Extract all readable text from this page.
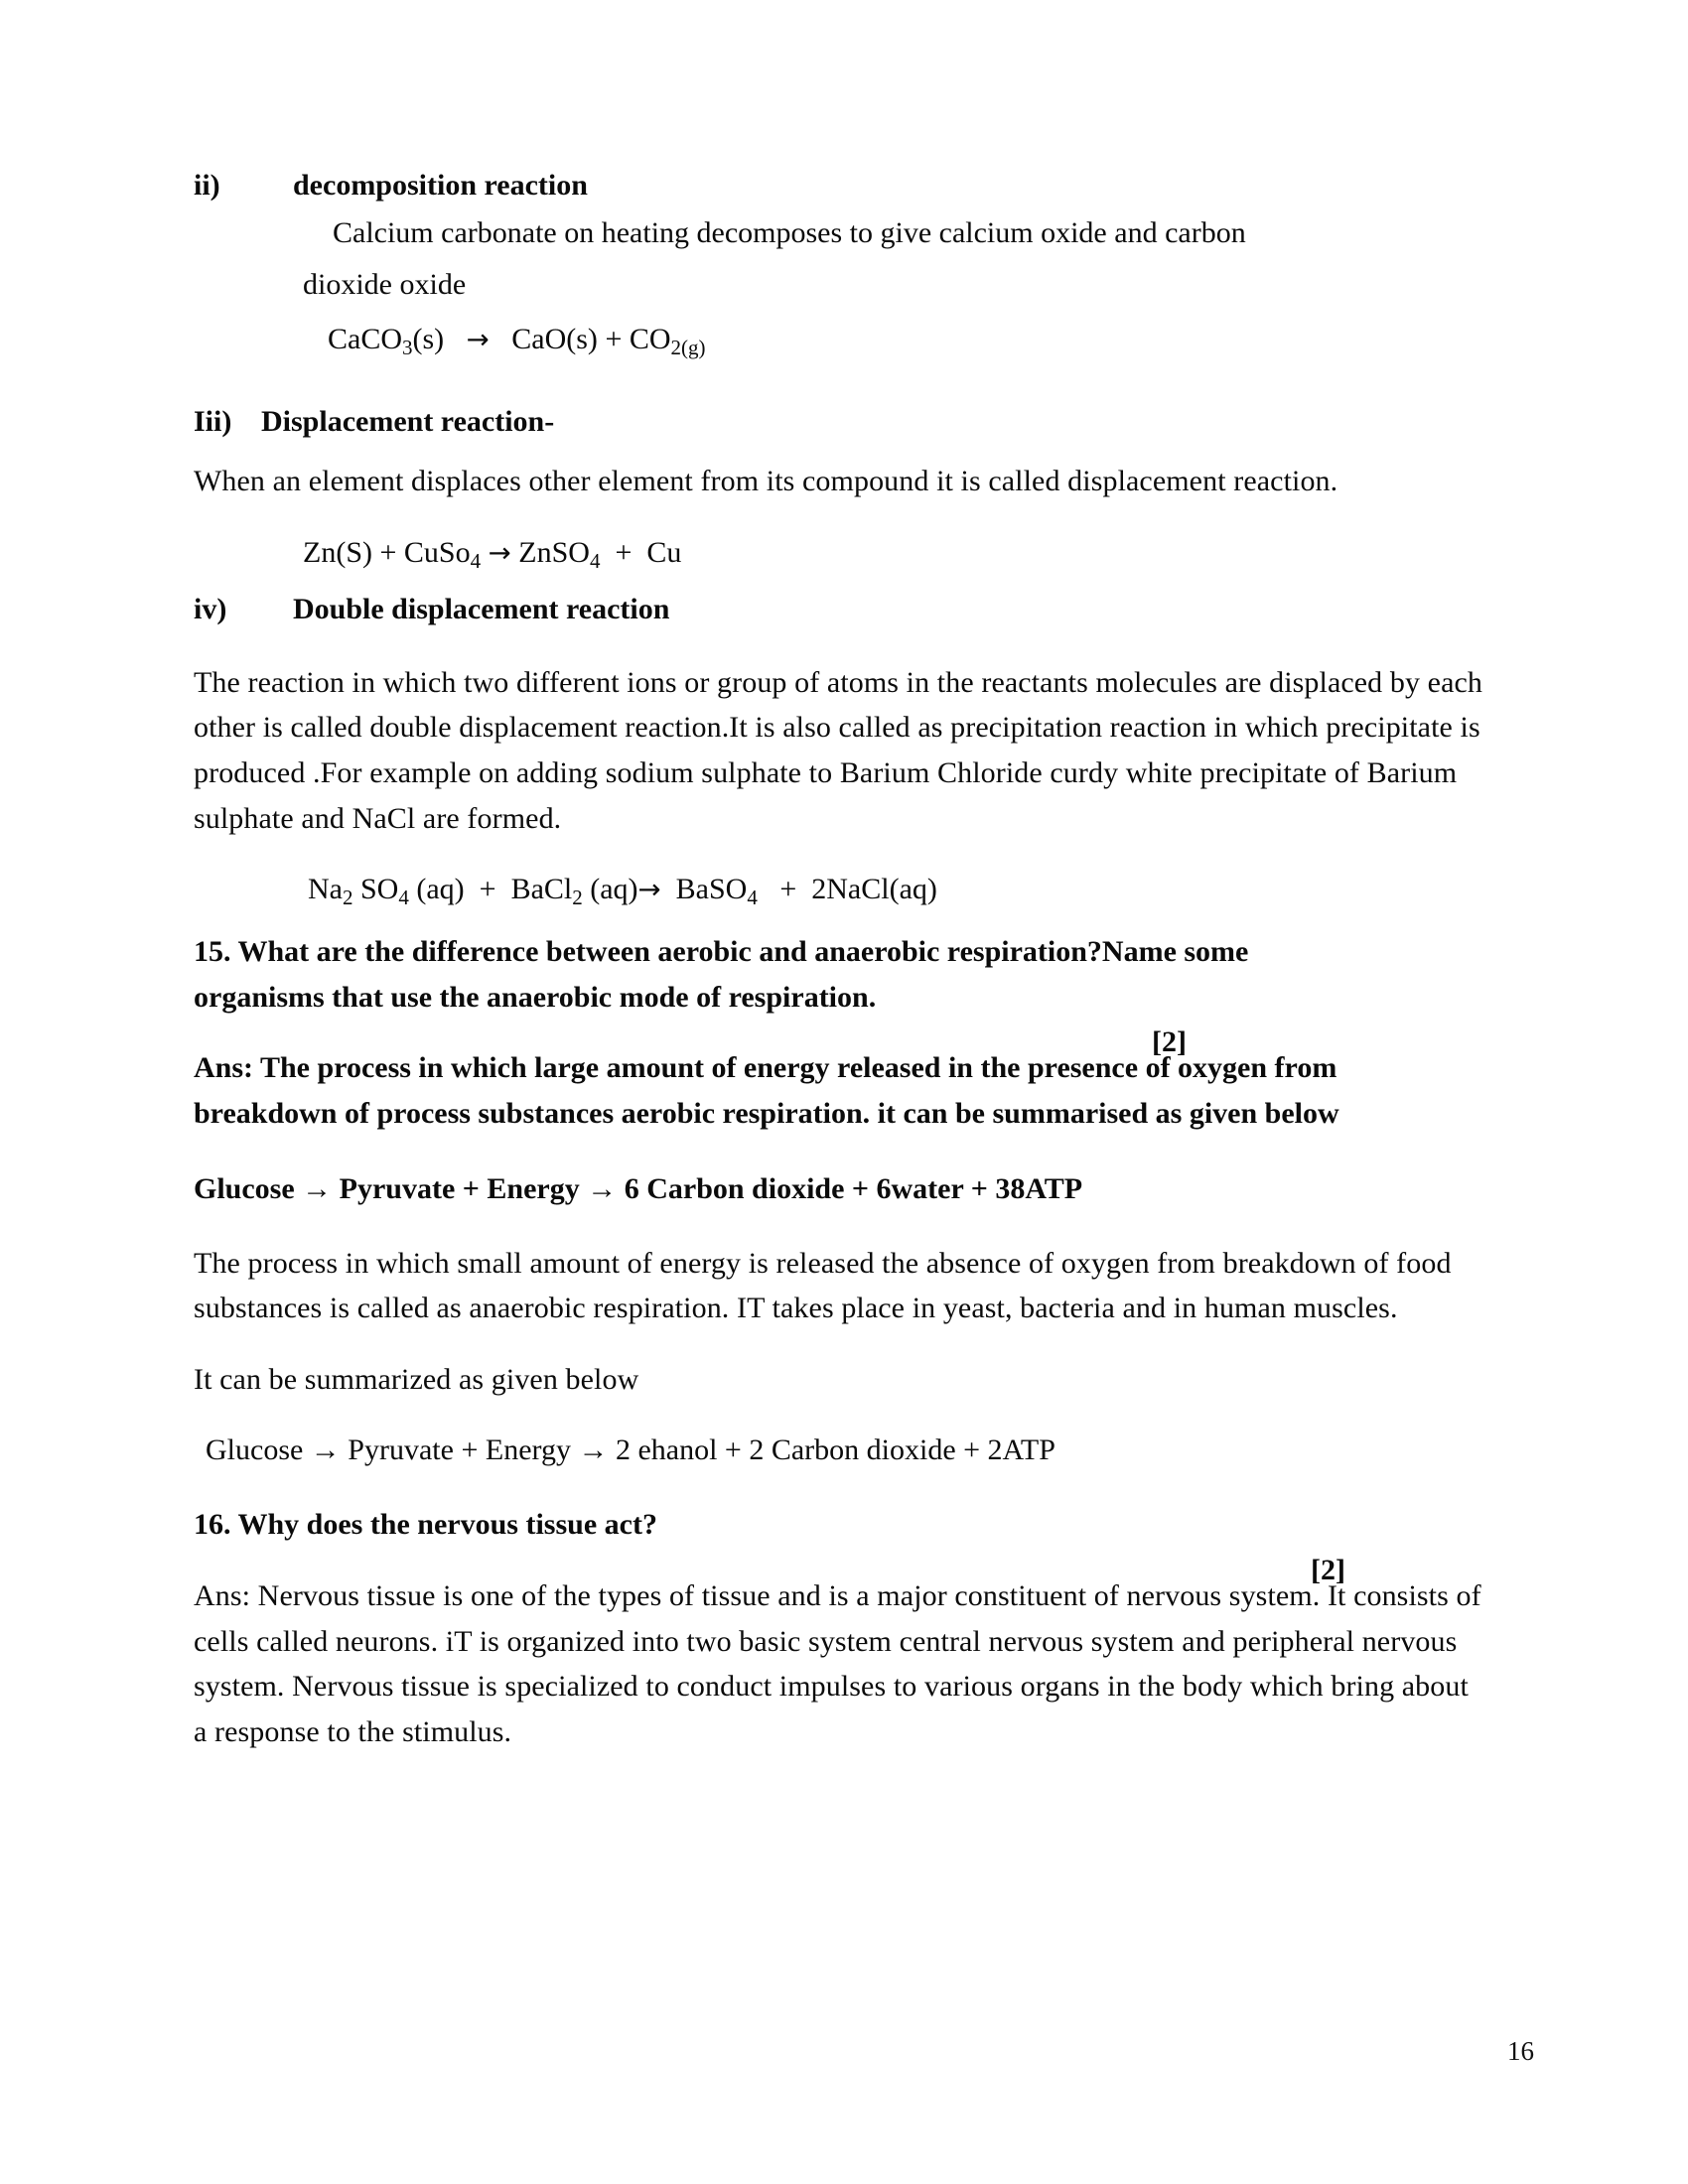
ii)	decomposition reaction
Calcium carbonate on heating decomposes to give calcium oxide and carbon
dioxide oxide
CaCO$_3$(s) → $CaO(s) + CO_{2(g)}$
Iii) Displacement reaction-
When an element displaces other element from its compound it is called displacement reaction.
Zn(S) + CuSo$_4$ → ZnSO$_4$ + Cu
iv)	Double displacement reaction
The reaction in which two different ions or group of atoms in the reactants molecules are displaced by each other is called double displacement reaction.It is also called as precipitation reaction in which precipitate is produced .For example on adding sodium sulphate to Barium Chloride curdy white precipitate of Barium sulphate and NaCl are formed.
$Na_2$ $SO_4$ (aq) + BaCl$_2$ (aq)→ BaSO$_4$ + 2NaCl(aq)
15. What are the difference between aerobic and anaerobic respiration?Name some organisms that use the anaerobic mode of respiration.
[2]
Ans: The process in which large amount of energy released in the presence of oxygen from breakdown of process substances aerobic respiration. it can be summarised as given below
Glucose → Pyruvate + Energy → 6 Carbon dioxide + 6water + 38ATP
The process in which small amount of energy is released the absence of oxygen from breakdown of food substances is called as anaerobic respiration. IT takes place in yeast, bacteria and in human muscles.
It can be summarized as given below
Glucose → Pyruvate + Energy → 2 ehanol + 2 Carbon dioxide + 2ATP
16. Why does the nervous tissue act?
[2]
Ans: Nervous tissue is one of the types of tissue and is a major constituent of nervous system. It consists of cells called neurons. iT is organized into two basic system central nervous system and peripheral nervous system. Nervous tissue is specialized to conduct impulses to various organs in the body which bring about a response to the stimulus.
16
